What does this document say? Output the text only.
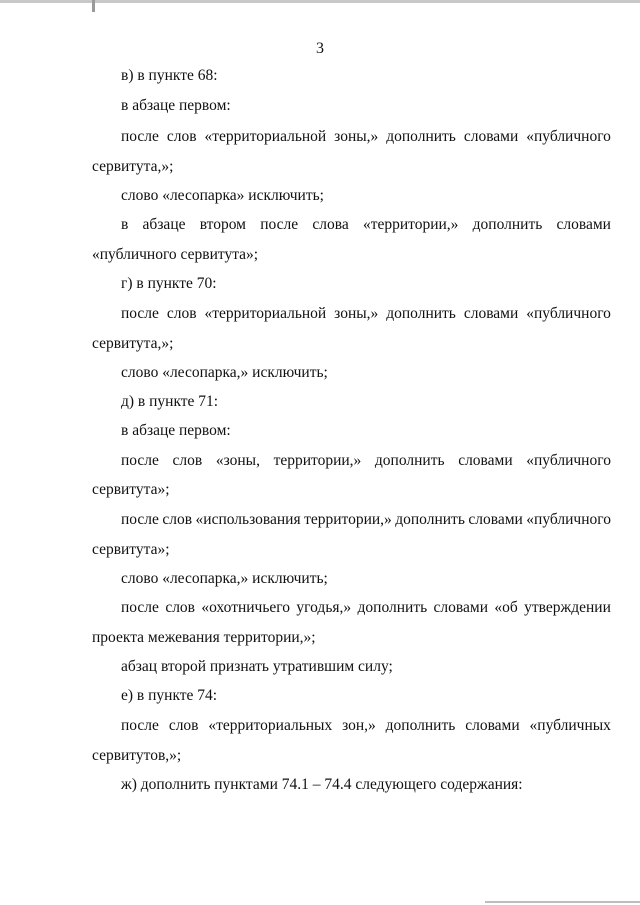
3
в) в пункте 68:
в абзаце первом:
после слов «территориальной зоны,» дополнить словами «публичного
сервитута,»;
слово «лесопарка» исключить;
в абзаце втором после слова «территории,» дополнить словами
«публичного сервитута»;
г) в пункте 70:
после слов «территориальной зоны,» дополнить словами «публичного
сервитута,»;
слово «лесопарка,» исключить;
д) в пункте 71:
в абзаце первом:
после слов «зоны, территории,» дополнить словами «публичного
сервитута»;
после слов «использования территории,» дополнить словами «публичного
сервитута»;
слово «лесопарка,» исключить;
после слов «охотничьего угодья,» дополнить словами «об утверждении
проекта межевания территории,»;
абзац второй признать утратившим силу;
е) в пункте 74:
после слов «территориальных зон,» дополнить словами «публичных
сервитутов,»;
ж) дополнить пунктами 74.1 – 74.4 следующего содержания:
